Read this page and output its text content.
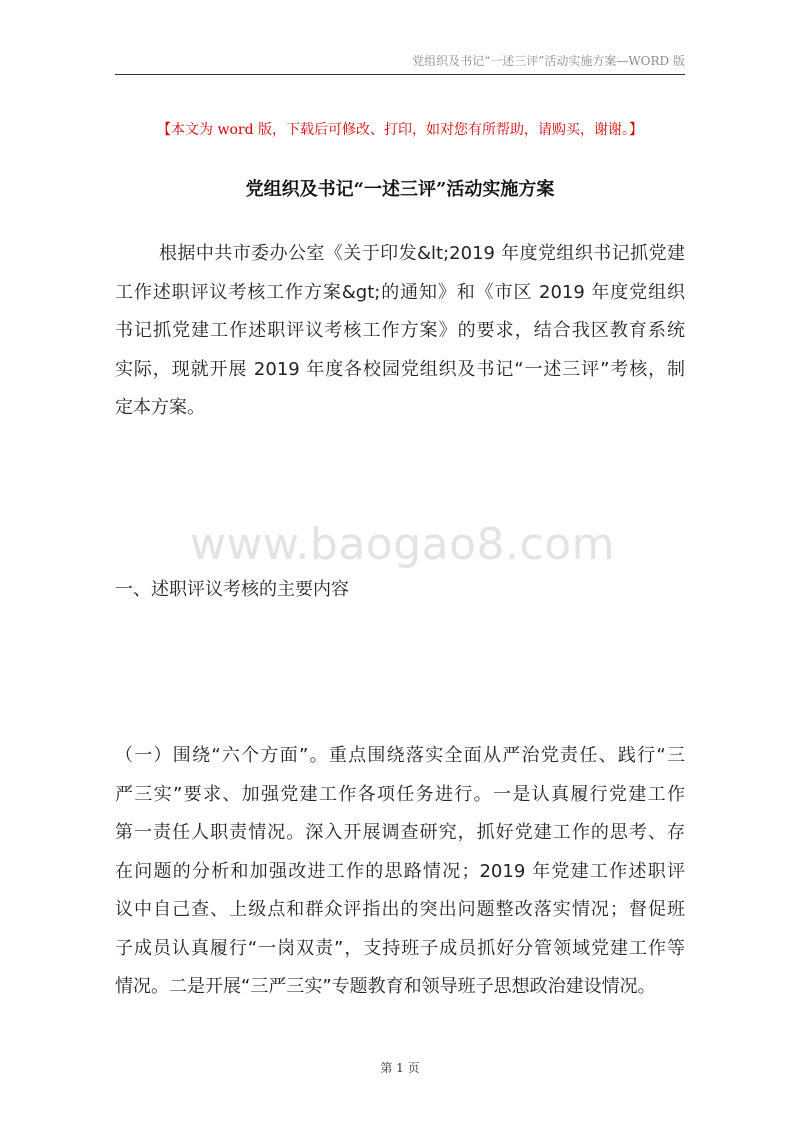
党组织及书记“一述三评”活动实施方案—WORD 版
【本文为 word 版，下载后可修改、打印，如对您有所帮助，请购买，谢谢。】
党组织及书记“一述三评”活动实施方案
根据中共市委办公室《关于印发&lt;2019 年度党组织书记抓党建
工作述职评议考核工作方案&gt;的通知》和《市区 2019 年度党组织
书记抓党建工作述职评议考核工作方案》的要求，结合我区教育系统
实际，现就开展 2019 年度各校园党组织及书记“一述三评”考核，制
定本方案。
www.baogao8.com
一、述职评议考核的主要内容
（一）围绕“六个方面”。重点围绕落实全面从严治党责任、践行“三
严三实”要求、加强党建工作各项任务进行。一是认真履行党建工作
第一责任人职责情况。深入开展调查研究，抓好党建工作的思考、存
在问题的分析和加强改进工作的思路情况；2019 年党建工作述职评
议中自己查、上级点和群众评指出的突出问题整改落实情况；督促班
子成员认真履行“一岗双责”，支持班子成员抓好分管领域党建工作等
情况。二是开展“三严三实”专题教育和领导班子思想政治建设情况。
第 1 页
